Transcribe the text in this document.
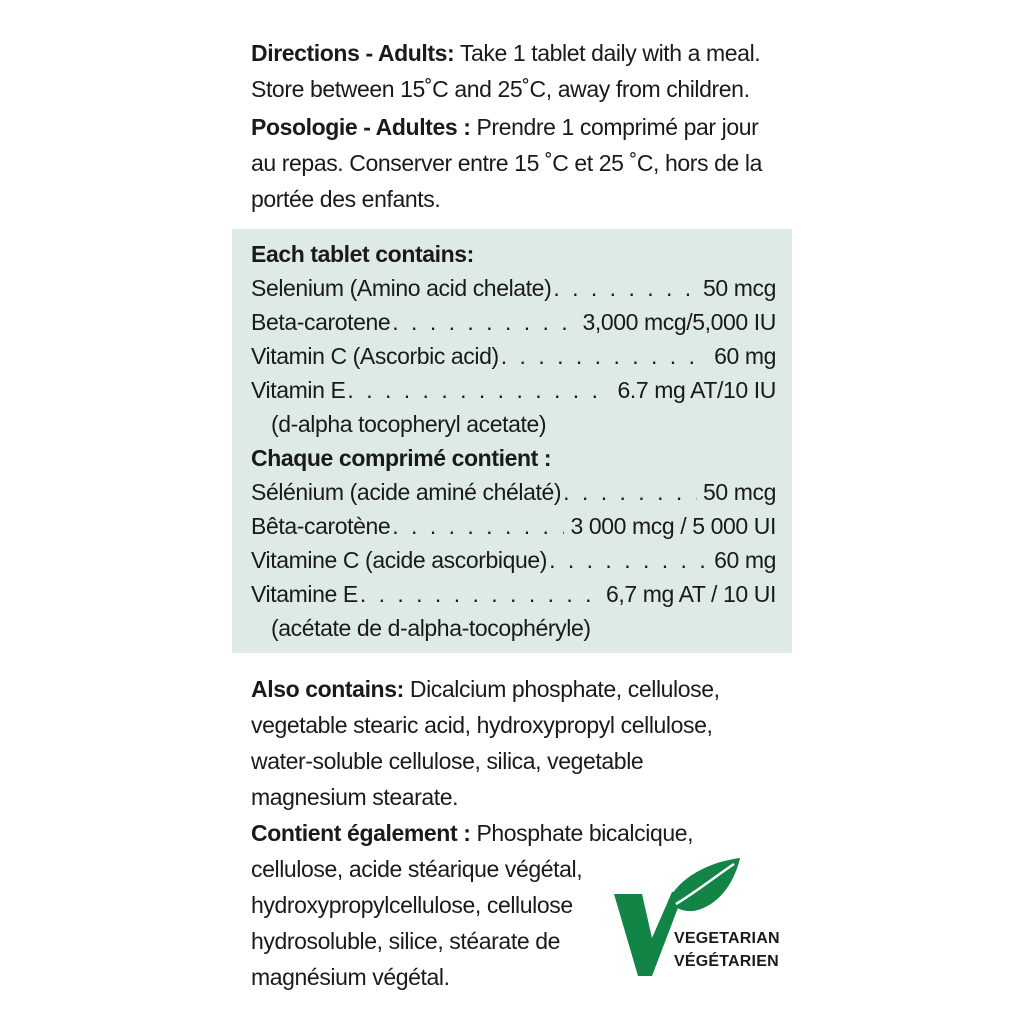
Directions - Adults: Take 1 tablet daily with a meal.

Store between 15˚C and 25˚C, away from children.

Posologie - Adultes : Prendre 1 comprimé par jour

au repas. Conserver entre 15 ˚C et 25 ˚C, hors de la

portée des enfants.

Each tablet contains:
Selenium (Amino acid chelate) . . .	50 mcg
Beta-carotene . . .	3,000 mcg/5,000 IU
Vitamin C (Ascorbic acid) . . .	60 mg
Vitamin E . . .	6.7 mg AT/10 IU
(d-alpha tocopheryl acetate)
Chaque comprimé contient :
Sélénium (acide aminé chélaté) . . .	50 mcg
Bêta-carotène . . .	3 000 mcg / 5 000 UI
Vitamine C (acide ascorbique) . . .	60 mg
Vitamine E . . .	6,7 mg AT / 10 UI
(acétate de d-alpha-tocophéryle)
Also contains: Dicalcium phosphate, cellulose,
vegetable stearic acid, hydroxypropyl cellulose,
water-soluble cellulose, silica, vegetable
magnesium stearate.
Contient également : Phosphate bicalcique,
cellulose, acide stéarique végétal,
hydroxypropylcellulose, cellulose
hydrosoluble, silice, stéarate de
magnésium végétal.
VEGETARIAN
VÉGÉTARIEN
